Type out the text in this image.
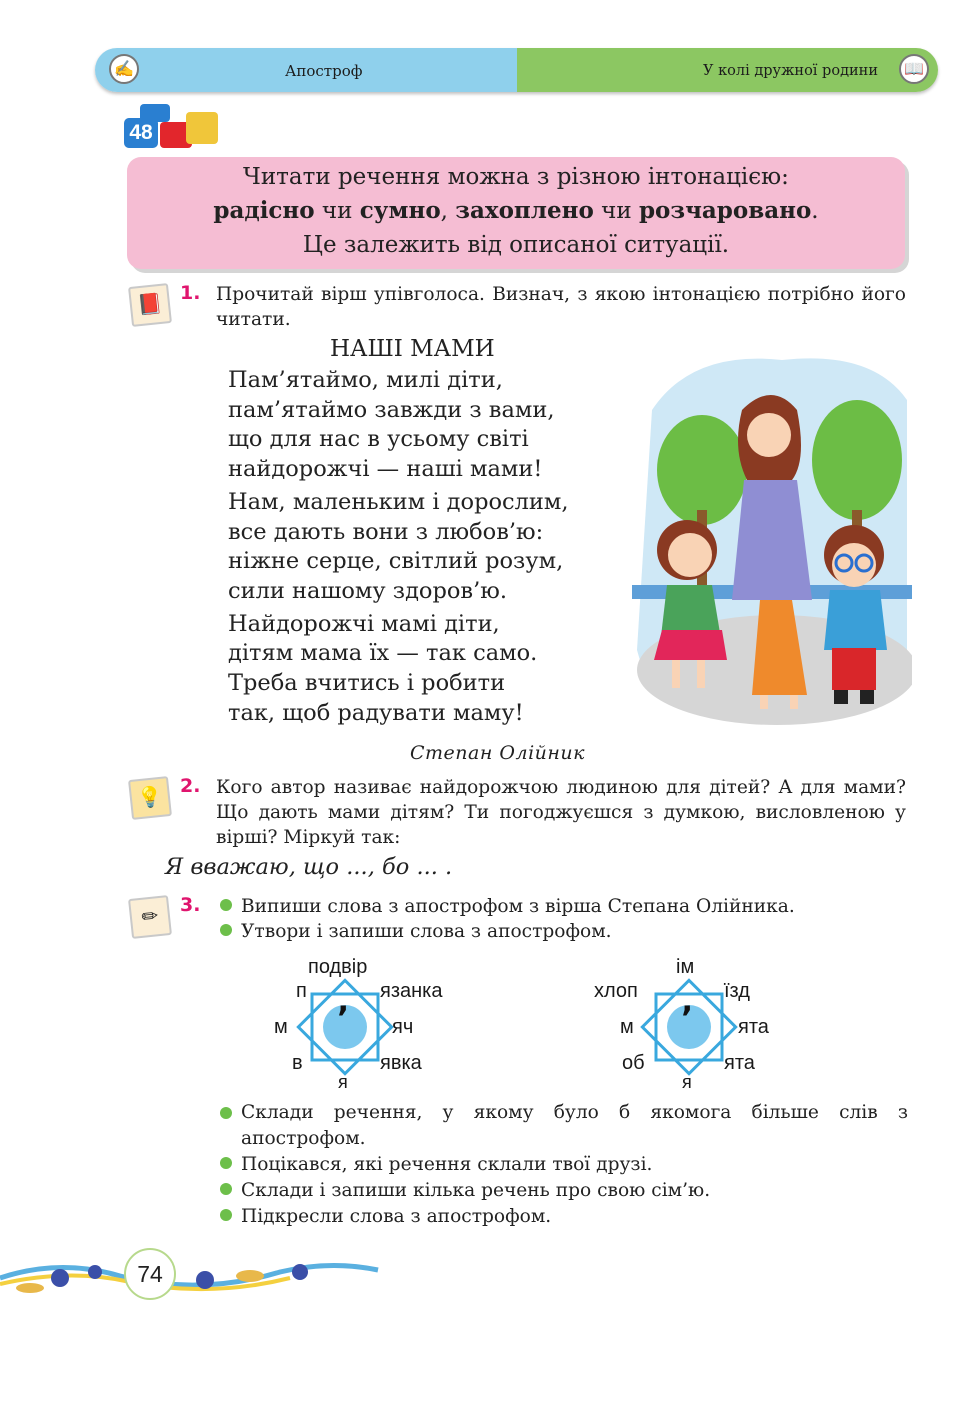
✍	Апостроф	У колі дружної родини	📖
48
Читати речення можна з різною інтонацією:
радісно чи сумно, захоплено чи розчаровано.
Це залежить від описаної ситуації.
📕 1. Прочитай вірш упівголоса. Визнач, з якою інтонацією потрібно його читати.
НАШІ МАМИ
Пам’ятаймо, милі діти,
пам’ятаймо завжди з вами,
що для нас в усьому світі
найдорожчі — наші мами!
Нам, маленьким і дорослим,
все дають вони з любов’ю:
ніжне серце, світлий розум,
сили нашому здоров’ю.
Найдорожчі мамі діти,
дітям мама їх — так само.
Треба вчитись і робити
так, щоб радувати маму!
Степан Олійник
💡 2. Кого автор називає найдорожчою людиною для дітей? А для мами? Що дають мами дітям? Ти погоджуєшся з думкою, висловленою у вірші? Міркуй так:
Я вважаю, що ..., бо ... .
✏	3.	Випиши слова з апострофом з вірша Степана Олійника.
Утвори і запиши слова з апострофом.
’
подвір
п	язанка
м	яч
в	явка
я
’
ім
хлоп	їзд
м	ята
об	ята
я
Склади речення, у якому було б якомога більше слів з апострофом.
Поцікався, які речення склали твої друзі.
Склади і запиши кілька речень про свою сім’ю.
Підкресли слова з апострофом.
74
